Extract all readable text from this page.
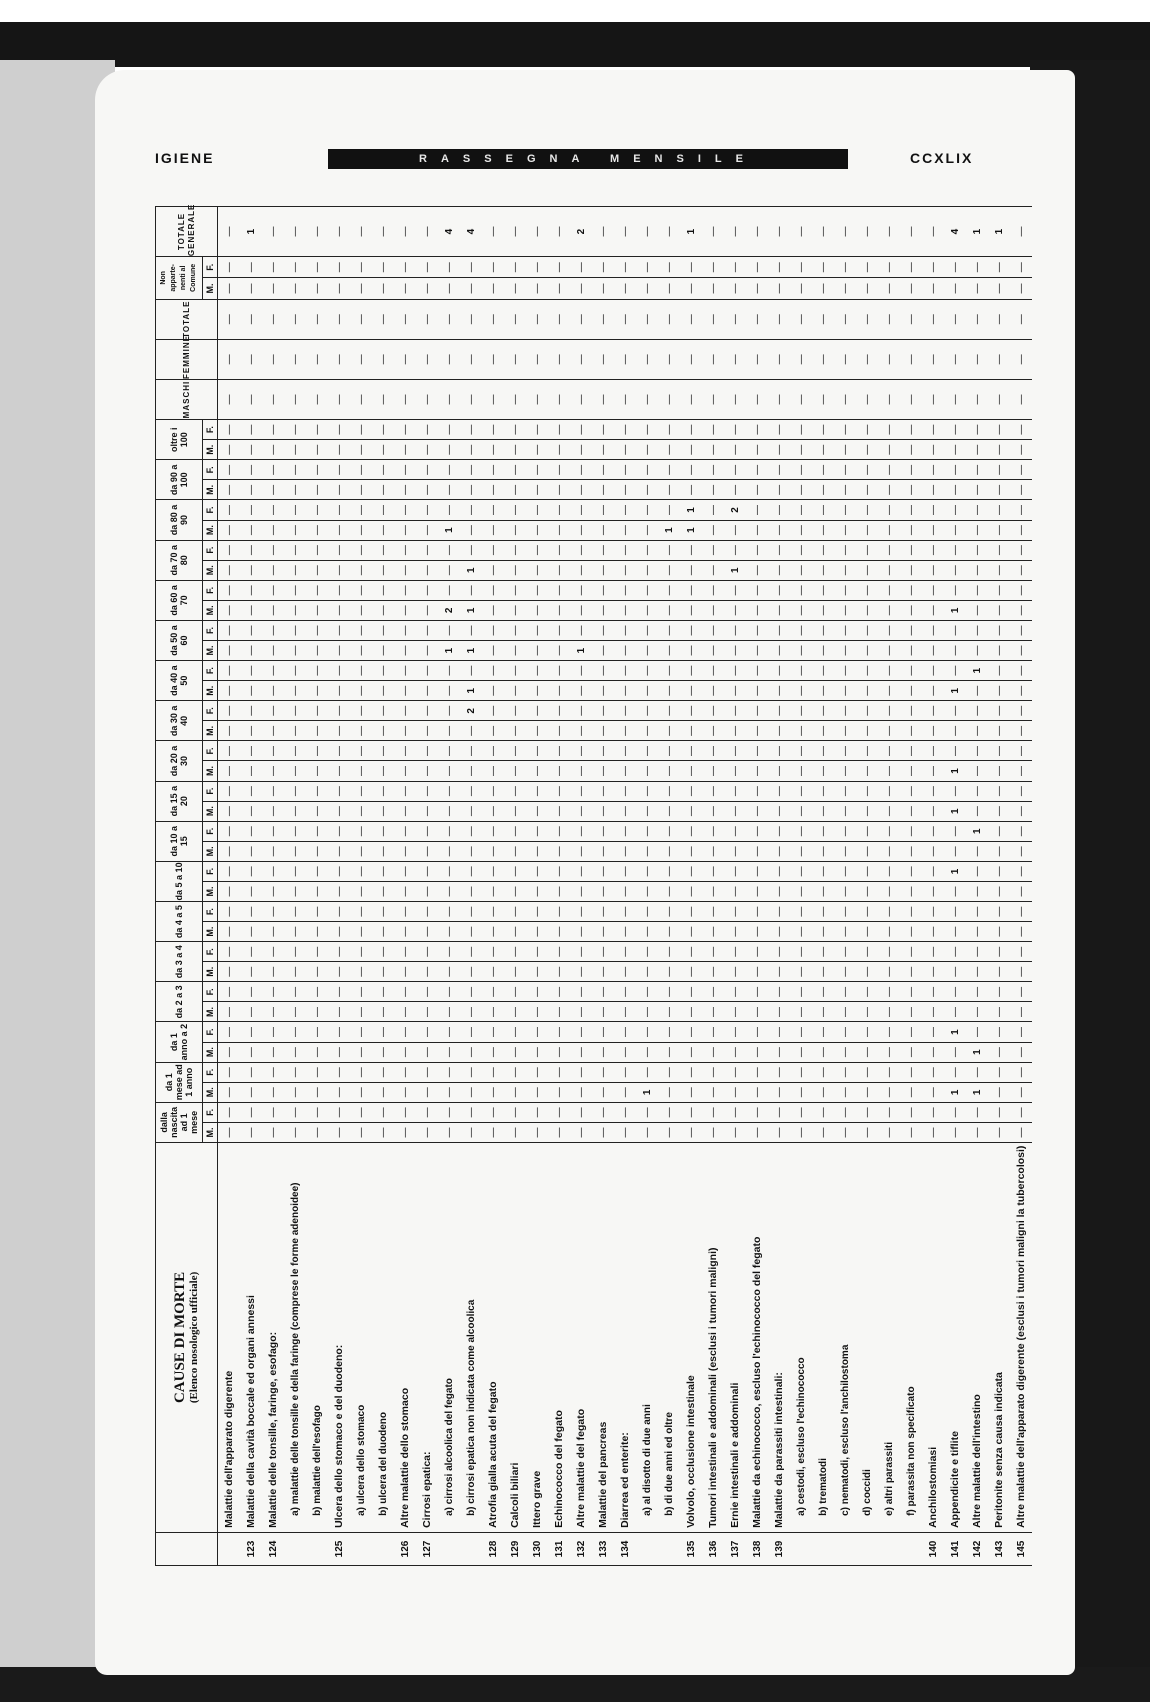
IGIENE	RASSEGNA MENSILE	CCXLIX
	CAUSE DI MORTE (Elenco nosologico ufficiale)	dalla nascita ad 1 mese		da 1 mese ad 1 anno		da 1 anno a 2		da 2 a 3		da 3 a 4		da 4 a 5		da 5 a 10		da 10 a 15		da 15 a 20		da 20 a 30		da 30 a 40		da 40 a 50		da 50 a 60		da 60 a 70		da 70 a 80		da 80 a 90		da 90 a 100		oltre i 100		MASCHI	FEMMINE	TOTALE	Non apparte-nenti al Comune		TOTALE GENERALE
		M.	F.	M.	F.	M.	F.	M.	F.	M.	F.	M.	F.	M.	F.	M.	F.	M.	F.	M.	F.	M.	F.	M.	F.	M.	F.	M.	F.	M.	F.	M.	F.	M.	F.	M.	F.				M.	F.	
	Malattie dell'apparato digerente	—	—	—	—	—	—	—	—	—	—	—	—	—	—	—	—	—	—	—	—	—	—	—	—	—	—	—	—	—	—	—	—	—	—	—	—	—	—	—	—	—	—
123	Malattie della cavità boccale ed organi annessi	—	—	—	—	—	—	—	—	—	—	—	—	—	—	—	—	—	—	—	—	—	—	—	—	—	—	—	—	—	—	—	—	—	—	—	—	—	—	—	—	—	1
124	Malattie delle tonsille, faringe, esofago:	—	—	—	—	—	—	—	—	—	—	—	—	—	—	—	—	—	—	—	—	—	—	—	—	—	—	—	—	—	—	—	—	—	—	—	—	—	—	—	—	—	—
	a) malattie delle tonsille e della faringe (comprese le forme adenoidee)	—	—	—	—	—	—	—	—	—	—	—	—	—	—	—	—	—	—	—	—	—	—	—	—	—	—	—	—	—	—	—	—	—	—	—	—	—	—	—	—	—	—
	b) malattie dell'esofago	—	—	—	—	—	—	—	—	—	—	—	—	—	—	—	—	—	—	—	—	—	—	—	—	—	—	—	—	—	—	—	—	—	—	—	—	—	—	—	—	—	—
125	Ulcera dello stomaco e del duodeno:	—	—	—	—	—	—	—	—	—	—	—	—	—	—	—	—	—	—	—	—	—	—	—	—	—	—	—	—	—	—	—	—	—	—	—	—	—	—	—	—	—	—
	a) ulcera dello stomaco	—	—	—	—	—	—	—	—	—	—	—	—	—	—	—	—	—	—	—	—	—	—	—	—	—	—	—	—	—	—	—	—	—	—	—	—	—	—	—	—	—	—
	b) ulcera del duodeno	—	—	—	—	—	—	—	—	—	—	—	—	—	—	—	—	—	—	—	—	—	—	—	—	—	—	—	—	—	—	—	—	—	—	—	—	—	—	—	—	—	—
126	Altre malattie dello stomaco	—	—	—	—	—	—	—	—	—	—	—	—	—	—	—	—	—	—	—	—	—	—	—	—	—	—	—	—	—	—	—	—	—	—	—	—	—	—	—	—	—	—
127	Cirrosi epatica:	—	—	—	—	—	—	—	—	—	—	—	—	—	—	—	—	—	—	—	—	—	—	—	—	—	—	—	—	—	—	—	—	—	—	—	—	—	—	—	—	—	—
	a) cirrosi alcoolica del fegato	—	—	—	—	—	—	—	—	—	—	—	—	—	—	—	—	—	—	—	—	—	—	—	—	1	—	2	—	—	—	1	—	—	—	—	—	—	—	—	—	—	4
	b) cirrosi epatica non indicata come alcoolica	—	—	—	—	—	—	—	—	—	—	—	—	—	—	—	—	—	—	—	—	—	2	1	—	1	—	1	—	1	—	—	—	—	—	—	—	—	—	—	—	—	4
128	Atrofia gialla acuta del fegato	—	—	—	—	—	—	—	—	—	—	—	—	—	—	—	—	—	—	—	—	—	—	—	—	—	—	—	—	—	—	—	—	—	—	—	—	—	—	—	—	—	—
129	Calcoli biliari	—	—	—	—	—	—	—	—	—	—	—	—	—	—	—	—	—	—	—	—	—	—	—	—	—	—	—	—	—	—	—	—	—	—	—	—	—	—	—	—	—	—
130	Ittero grave	—	—	—	—	—	—	—	—	—	—	—	—	—	—	—	—	—	—	—	—	—	—	—	—	—	—	—	—	—	—	—	—	—	—	—	—	—	—	—	—	—	—
131	Echinococco del fegato	—	—	—	—	—	—	—	—	—	—	—	—	—	—	—	—	—	—	—	—	—	—	—	—	—	—	—	—	—	—	—	—	—	—	—	—	—	—	—	—	—	—
132	Altre malattie del fegato	—	—	—	—	—	—	—	—	—	—	—	—	—	—	—	—	—	—	—	—	—	—	—	—	1	—	—	—	—	—	—	—	—	—	—	—	—	—	—	—	—	2
133	Malattie del pancreas	—	—	—	—	—	—	—	—	—	—	—	—	—	—	—	—	—	—	—	—	—	—	—	—	—	—	—	—	—	—	—	—	—	—	—	—	—	—	—	—	—	—
134	Diarrea ed enterite:	—	—	—	—	—	—	—	—	—	—	—	—	—	—	—	—	—	—	—	—	—	—	—	—	—	—	—	—	—	—	—	—	—	—	—	—	—	—	—	—	—	—
	a) al disotto di due anni	—	—	1	—	—	—	—	—	—	—	—	—	—	—	—	—	—	—	—	—	—	—	—	—	—	—	—	—	—	—	—	—	—	—	—	—	—	—	—	—	—	—
	b) di due anni ed oltre	—	—	—	—	—	—	—	—	—	—	—	—	—	—	—	—	—	—	—	—	—	—	—	—	—	—	—	—	—	—	1	—	—	—	—	—	—	—	—	—	—	—
135	Volvolo, occlusione intestinale	—	—	—	—	—	—	—	—	—	—	—	—	—	—	—	—	—	—	—	—	—	—	—	—	—	—	—	—	—	—	1	1	—	—	—	—	—	—	—	—	—	1
136	Tumori intestinali e addominali (esclusi i tumori maligni)	—	—	—	—	—	—	—	—	—	—	—	—	—	—	—	—	—	—	—	—	—	—	—	—	—	—	—	—	—	—	—	—	—	—	—	—	—	—	—	—	—	—
137	Ernie intestinali e addominali	—	—	—	—	—	—	—	—	—	—	—	—	—	—	—	—	—	—	—	—	—	—	—	—	—	—	—	—	1	—	—	2	—	—	—	—	—	—	—	—	—	—
138	Malattie da echinococco, escluso l'echinococco del fegato	—	—	—	—	—	—	—	—	—	—	—	—	—	—	—	—	—	—	—	—	—	—	—	—	—	—	—	—	—	—	—	—	—	—	—	—	—	—	—	—	—	—
139	Malattie da parassiti intestinali:	—	—	—	—	—	—	—	—	—	—	—	—	—	—	—	—	—	—	—	—	—	—	—	—	—	—	—	—	—	—	—	—	—	—	—	—	—	—	—	—	—	—
	a) cestodi, escluso l'echinococco	—	—	—	—	—	—	—	—	—	—	—	—	—	—	—	—	—	—	—	—	—	—	—	—	—	—	—	—	—	—	—	—	—	—	—	—	—	—	—	—	—	—
	b) trematodi	—	—	—	—	—	—	—	—	—	—	—	—	—	—	—	—	—	—	—	—	—	—	—	—	—	—	—	—	—	—	—	—	—	—	—	—	—	—	—	—	—	—
	c) nematodi, escluso l'anchilostoma	—	—	—	—	—	—	—	—	—	—	—	—	—	—	—	—	—	—	—	—	—	—	—	—	—	—	—	—	—	—	—	—	—	—	—	—	—	—	—	—	—	—
	d) coccidi	—	—	—	—	—	—	—	—	—	—	—	—	—	—	—	—	—	—	—	—	—	—	—	—	—	—	—	—	—	—	—	—	—	—	—	—	—	—	—	—	—	—
	e) altri parassiti	—	—	—	—	—	—	—	—	—	—	—	—	—	—	—	—	—	—	—	—	—	—	—	—	—	—	—	—	—	—	—	—	—	—	—	—	—	—	—	—	—	—
	f) parassita non specificato	—	—	—	—	—	—	—	—	—	—	—	—	—	—	—	—	—	—	—	—	—	—	—	—	—	—	—	—	—	—	—	—	—	—	—	—	—	—	—	—	—	—
140	Anchilostomiasi	—	—	—	—	—	—	—	—	—	—	—	—	—	—	—	—	—	—	—	—	—	—	—	—	—	—	—	—	—	—	—	—	—	—	—	—	—	—	—	—	—	—
141	Appendicite e tiflite	—	—	1	—	—	1	—	—	—	—	—	—	—	1	—	—	1	—	1	—	—	—	1	—	—	—	1	—	—	—	—	—	—	—	—	—	—	—	—	—	—	4
142	Altre malattie dell'intestino	—	—	1	—	1	—	—	—	—	—	—	—	—	—	—	1	—	—	—	—	—	—	—	1	—	—	—	—	—	—	—	—	—	—	—	—	—	—	—	—	—	1
143	Peritonite senza causa indicata	—	—	—	—	—	—	—	—	—	—	—	—	—	—	—	—	—	—	—	—	—	—	—	—	—	—	—	—	—	—	—	—	—	—	—	—	—	—	—	—	—	1
145	Altre malattie dell'apparato digerente (esclusi i tumori maligni la tubercolosi)	—	—	—	—	—	—	—	—	—	—	—	—	—	—	—	—	—	—	—	—	—	—	—	—	—	—	—	—	—	—	—	—	—	—	—	—	—	—	—	—	—	—
